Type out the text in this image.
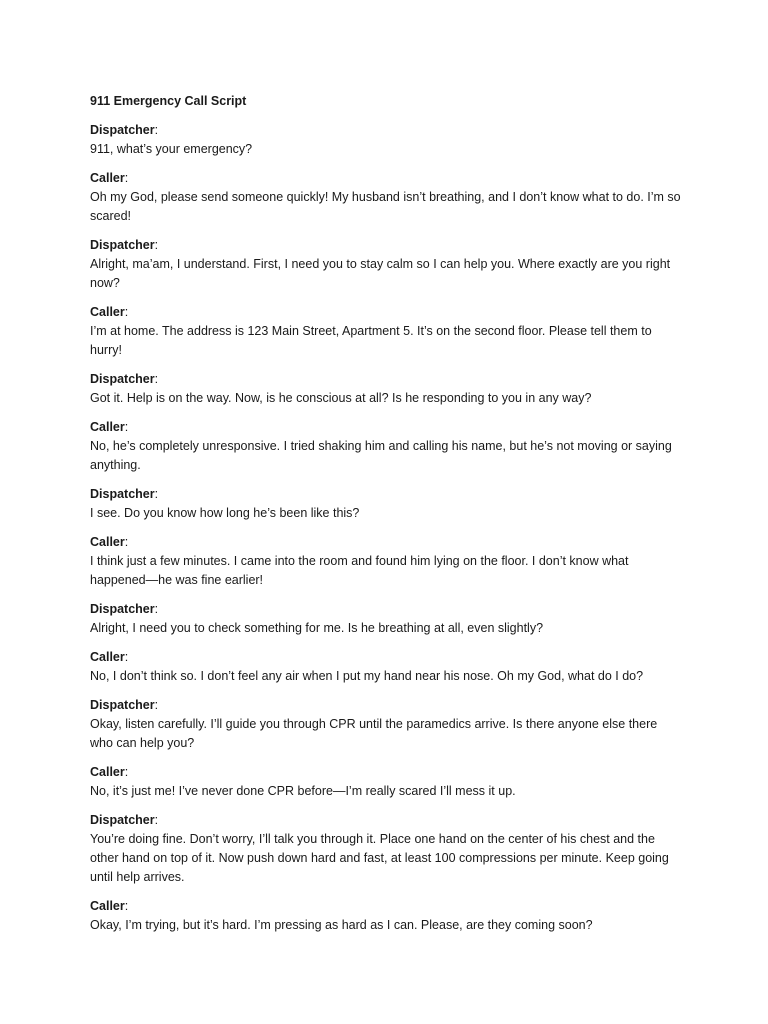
911 Emergency Call Script
Dispatcher:
911, what’s your emergency?
Caller:
Oh my God, please send someone quickly! My husband isn’t breathing, and I don’t know what to do. I’m so scared!
Dispatcher:
Alright, ma’am, I understand. First, I need you to stay calm so I can help you. Where exactly are you right now?
Caller:
I’m at home. The address is 123 Main Street, Apartment 5. It’s on the second floor. Please tell them to hurry!
Dispatcher:
Got it. Help is on the way. Now, is he conscious at all? Is he responding to you in any way?
Caller:
No, he’s completely unresponsive. I tried shaking him and calling his name, but he’s not moving or saying anything.
Dispatcher:
I see. Do you know how long he’s been like this?
Caller:
I think just a few minutes. I came into the room and found him lying on the floor. I don’t know what happened—he was fine earlier!
Dispatcher:
Alright, I need you to check something for me. Is he breathing at all, even slightly?
Caller:
No, I don’t think so. I don’t feel any air when I put my hand near his nose. Oh my God, what do I do?
Dispatcher:
Okay, listen carefully. I’ll guide you through CPR until the paramedics arrive. Is there anyone else there who can help you?
Caller:
No, it’s just me! I’ve never done CPR before—I’m really scared I’ll mess it up.
Dispatcher:
You’re doing fine. Don’t worry, I’ll talk you through it. Place one hand on the center of his chest and the other hand on top of it. Now push down hard and fast, at least 100 compressions per minute. Keep going until help arrives.
Caller:
Okay, I’m trying, but it’s hard. I’m pressing as hard as I can. Please, are they coming soon?
